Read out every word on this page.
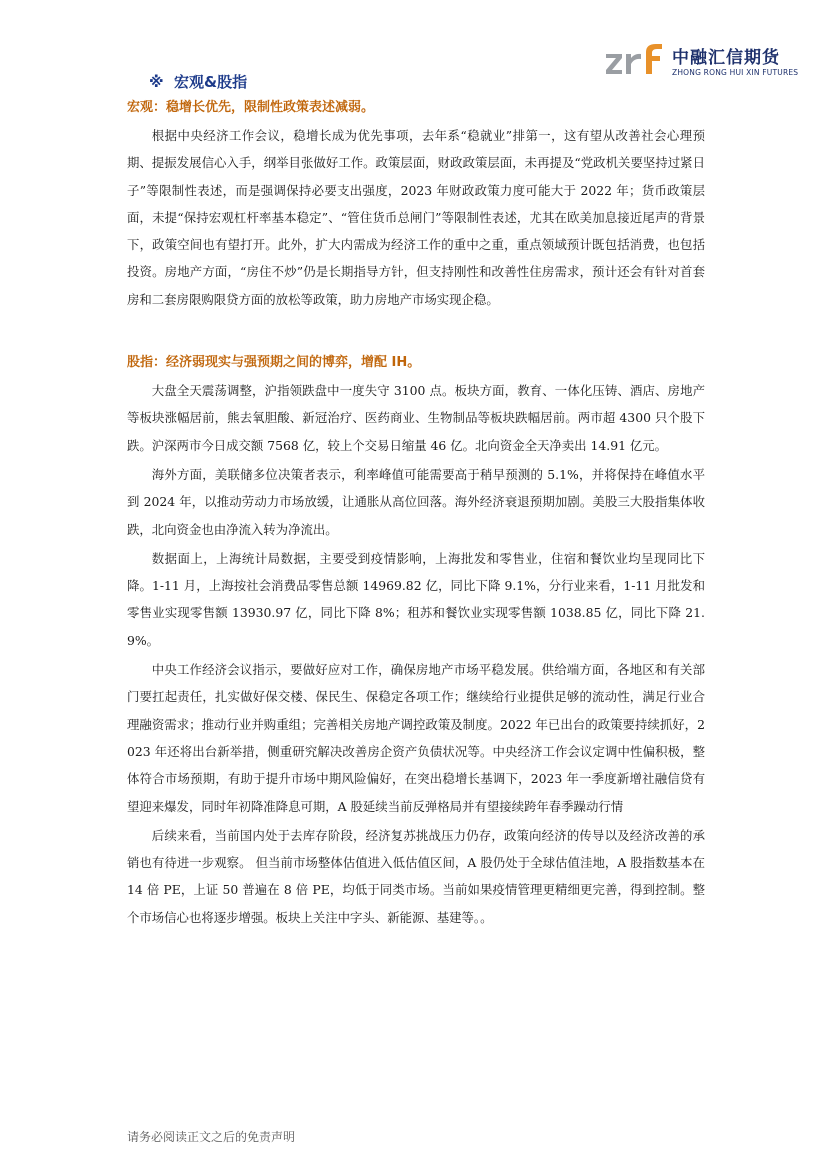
中融汇信期货
ZHONG RONG HUI XIN FUTURES
※ 宏观&股指
宏观：稳增长优先，限制性政策表述减弱。

根据中央经济工作会议，稳增长成为优先事项，去年系“稳就业”排第一，这有望从改善社会心理预期、提振发展信心入手，纲举目张做好工作。政策层面，财政政策层面，未再提及“党政机关要坚持过紧日子”等限制性表述，而是强调保持必要支出强度，2023 年财政政策力度可能大于 2022 年；货币政策层面，未提“保持宏观杠杆率基本稳定”、“管住货币总闸门”等限制性表述，尤其在欧美加息接近尾声的背景下，政策空间也有望打开。此外，扩大内需成为经济工作的重中之重，重点领域预计既包括消费，也包括投资。房地产方面，“房住不炒”仍是长期指导方针，但支持刚性和改善性住房需求，预计还会有针对首套房和二套房限购限贷方面的放松等政策，助力房地产市场实现企稳。

股指：经济弱现实与强预期之间的博弈，增配 IH。

大盘全天震荡调整，沪指领跌盘中一度失守 3100 点。板块方面，教育、一体化压铸、酒店、房地产等板块涨幅居前，熊去氧胆酸、新冠治疗、医药商业、生物制品等板块跌幅居前。两市超 4300 只个股下跌。沪深两市今日成交额 7568 亿，较上个交易日缩量 46 亿。北向资金全天净卖出 14.91 亿元。

海外方面，美联储多位决策者表示，利率峰值可能需要高于稍早预测的 5.1%，并将保持在峰值水平到 2024 年，以推动劳动力市场放缓，让通胀从高位回落。海外经济衰退预期加剧。美股三大股指集体收跌，北向资金也由净流入转为净流出。

数据面上，上海统计局数据，主要受到疫情影响，上海批发和零售业，住宿和餐饮业均呈现同比下降。1-11 月，上海按社会消费品零售总额 14969.82 亿，同比下降 9.1%，分行业来看，1-11 月批发和零售业实现零售额 13930.97 亿，同比下降 8%；租苏和餐饮业实现零售额 1038.85 亿，同比下降 21.9%。

中央工作经济会议指示，要做好应对工作，确保房地产市场平稳发展。供给端方面，各地区和有关部门要扛起责任，扎实做好保交楼、保民生、保稳定各项工作；继续给行业提供足够的流动性，满足行业合理融资需求；推动行业并购重组；完善相关房地产调控政策及制度。2022 年已出台的政策要持续抓好，2023 年还将出台新举措，侧重研究解决改善房企资产负债状况等。中央经济工作会议定调中性偏积极，整体符合市场预期，有助于提升市场中期风险偏好，在突出稳增长基调下，2023 年一季度新增社融信贷有望迎来爆发，同时年初降准降息可期，A 股延续当前反弹格局并有望接续跨年春季躁动行情

后续来看，当前国内处于去库存阶段，经济复苏挑战压力仍存，政策向经济的传导以及经济改善的承销也有待进一步观察。 但当前市场整体估值进入低估值区间，A 股仍处于全球估值洼地，A 股指数基本在 14 倍 PE，上证 50 普遍在 8 倍 PE，均低于同类市场。当前如果疫情管理更精细更完善，得到控制。整个市场信心也将逐步增强。板块上关注中字头、新能源、基建等。。

请务必阅读正文之后的免责声明
